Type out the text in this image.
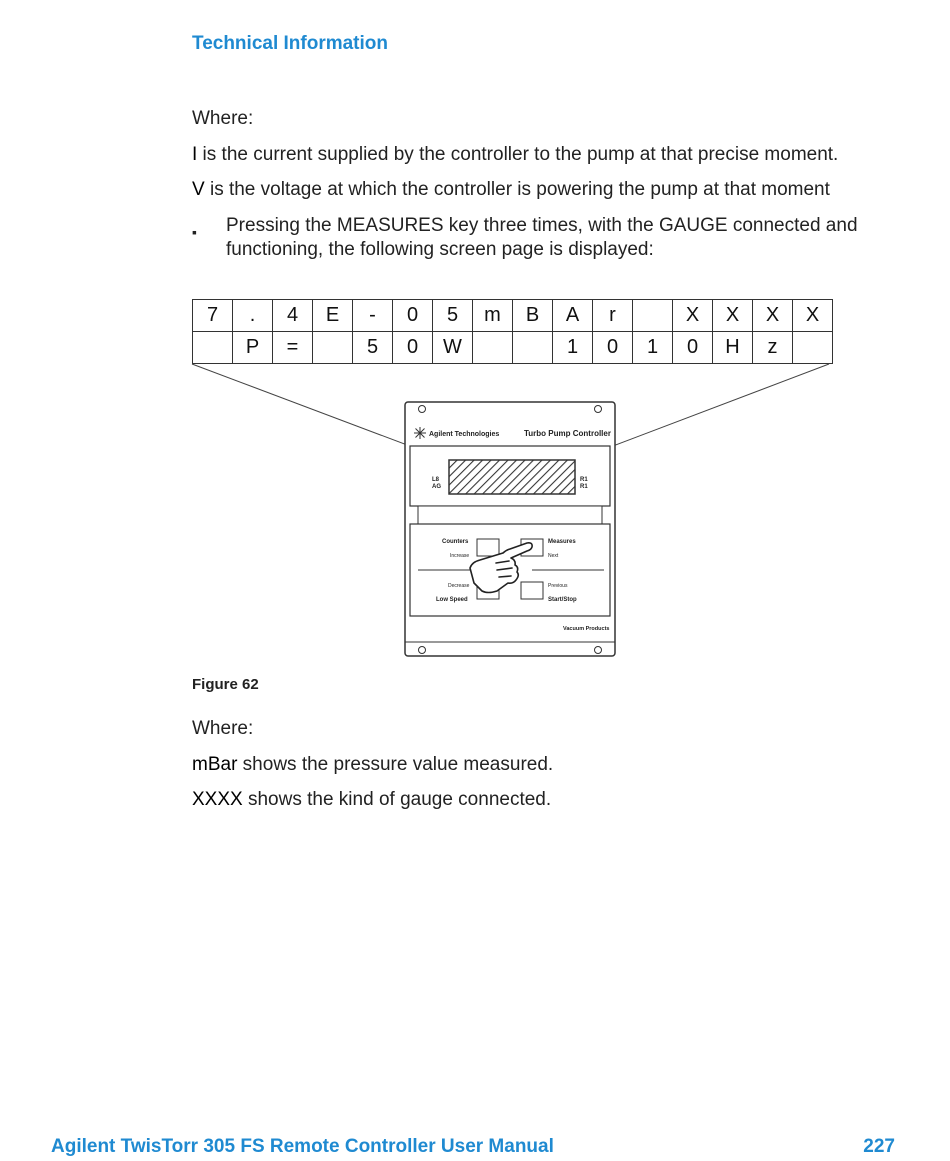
Technical Information
Where:
I is the current supplied by the controller to the pump at that precise moment.
V is the voltage at which the controller is powering the pump at that moment
▪ Pressing the MEASURES key three times, with the GAUGE connected and functioning, the following screen page is displayed:
7	.	4	E	-	0	5	m	B	A	r		X	X	X	X
	P	=		5	0	W			1	0	1	0	H	z	
Agilent Technologies	Turbo Pump Controller
L8
AG
R1
R1
Counters
Increase
Measures
Next
Decrease
Low Speed
Previous
Start/Stop
Vacuum Products
Figure 62
Where:
mBar shows the pressure value measured.
XXXX shows the kind of gauge connected.
Agilent TwisTorr 305 FS Remote Controller User Manual	227
